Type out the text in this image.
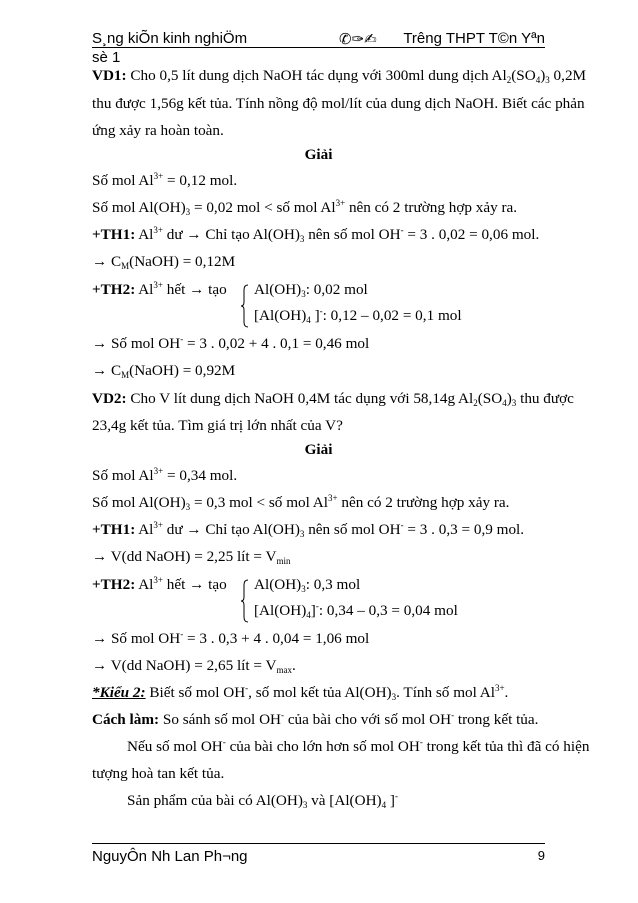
S¸ng kiÕn kinh nghiÖm	✆✑✍ Trêng THPT T©n Yªn
sè 1
VD1: Cho 0,5 lít dung dịch NaOH tác dụng với 300ml dung dịch $Al_2(SO_4)_3$ 0,2M
thu được 1,56g kết tủa. Tính nồng độ mol/lít của dung dịch NaOH. Biết các phản
ứng xảy ra hoàn toàn.
Giải
Số mol $Al^{3+} = 0,12$ mol.
Số mol $Al(OH)_3 = 0,02$ mol < số mol $Al^{3+}$ nên có 2 trường hợp xảy ra.
+TH1: $Al^{3+}$ dư → Chỉ tạo $Al(OH)_3$ nên số mol OH- = 3 . 0,02 = 0,06 mol.
→ $C_M(NaOH) = 0,12M$
+TH2: $Al^{3+}$ hết → tạo	$Al(OH)_3$: 0,02 mol
[$Al(OH)_4$ ]-: 0,12 – 0,02 = 0,1 mol
→ Số mol OH- = 3 . 0,02 + 4 . 0,1 = 0,46 mol
→ $C_M(NaOH) = 0,92M$
VD2: Cho V lít dung dịch NaOH 0,4M tác dụng với 58,14g $Al_2(SO_4)_3$ thu được
23,4g kết tủa. Tìm giá trị lớn nhất của V?
Giải
Số mol $Al^{3+} = 0,34$ mol.
Số mol $Al(OH)_3 = 0,3$ mol < số mol $Al^{3+}$ nên có 2 trường hợp xảy ra.
+TH1: $Al^{3+}$ dư → Chỉ tạo $Al(OH)_3$ nên số mol OH- = 3 . 0,3 = 0,9 mol.
→ V(dd NaOH) = 2,25 lít = $V_{min}$
+TH2: $Al^{3+}$ hết → tạo	$Al(OH)_3$: 0,3 mol
$[Al(OH)_4]^-$: 0,34 – 0,3 = 0,04 mol
→ Số mol OH- = 3 . 0,3 + 4 . 0,04 = 1,06 mol
→ V(dd NaOH) = 2,65 lít = $V_{max}$.
*Kiểu 2: Biết số mol OH-, số mol kết tủa $Al(OH)_3$. Tính số mol $Al^{3+}$.
Cách làm: So sánh số mol OH- của bài cho với số mol OH- trong kết tủa.
Nếu số mol OH- của bài cho lớn hơn số mol OH- trong kết tủa thì đã có hiện
tượng hoà tan kết tủa.
Sản phẩm của bài có $Al(OH)_3$ và [$Al(OH)_4$ ]-
NguyÔn Nh Lan Ph¬ng	9
